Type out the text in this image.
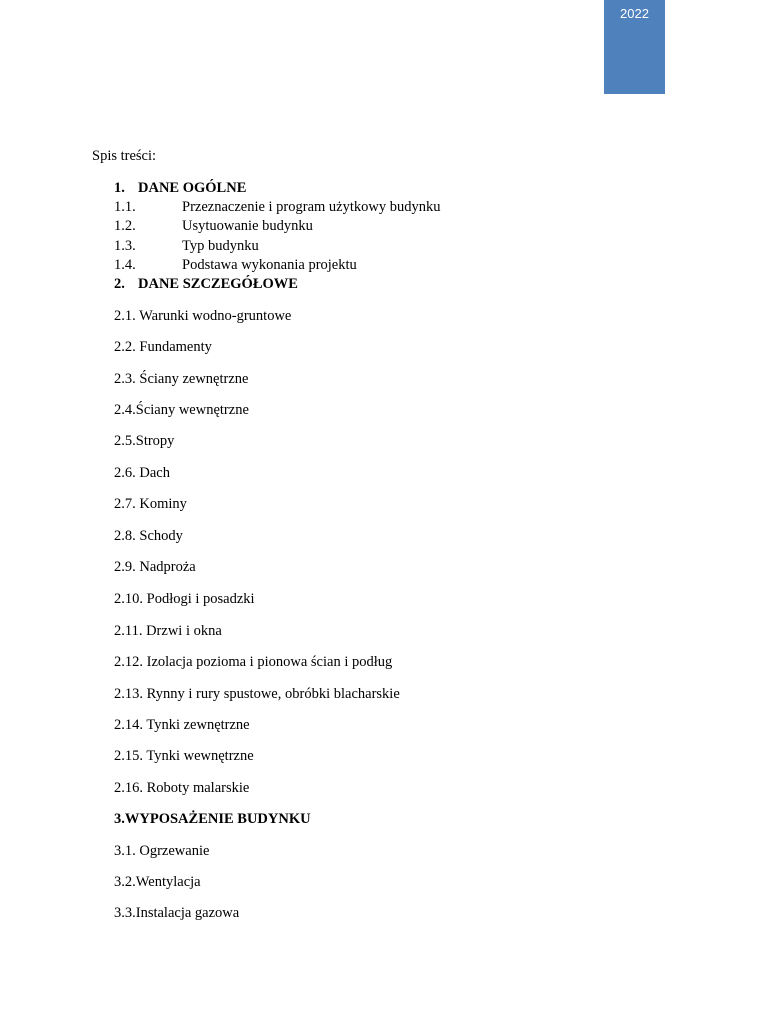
2022
Spis treści:
1. DANE OGÓLNE
1.1.	Przeznaczenie i program użytkowy budynku
1.2.	Usytuowanie budynku
1.3.	Typ budynku
1.4.	Podstawa wykonania projektu
2. DANE SZCZEGÓŁOWE
2.1. Warunki wodno-gruntowe
2.2. Fundamenty
2.3. Ściany zewnętrzne
2.4.Ściany wewnętrzne
2.5.Stropy
2.6. Dach
2.7. Kominy
2.8. Schody
2.9. Nadproża
2.10. Podłogi i posadzki
2.11. Drzwi i okna
2.12. Izolacja pozioma i pionowa ścian i podług
2.13. Rynny i rury spustowe, obróbki blacharskie
2.14. Tynki zewnętrzne
2.15. Tynki wewnętrzne
2.16. Roboty malarskie
3.WYPOSAŻENIE BUDYNKU
3.1. Ogrzewanie
3.2.Wentylacja
3.3.Instalacja gazowa
